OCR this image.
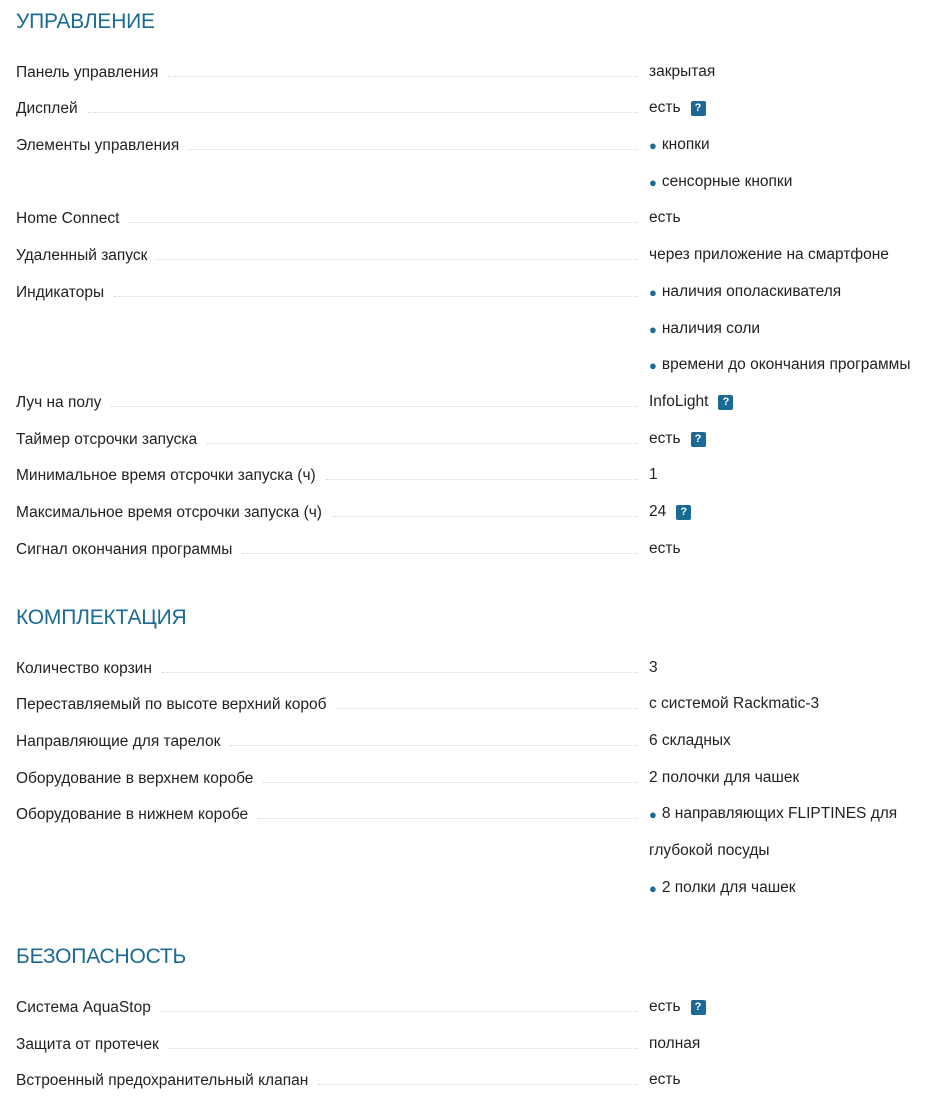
УПРАВЛЕНИЕ
Панель управления	закрытая
Дисплей	есть	?
Элементы управления	● кнопки
● сенсорные кнопки
Home Connect	есть
Удаленный запуск	через приложение на смартфоне
Индикаторы	● наличия ополаскивателя
● наличия соли
● времени до окончания программы
Луч на полу	InfoLight	?
Таймер отсрочки запуска	есть	?
Минимальное время отсрочки запуска (ч)	1
Максимальное время отсрочки запуска (ч)	24	?
Сигнал окончания программы	есть
КОМПЛЕКТАЦИЯ
Количество корзин	3
Переставляемый по высоте верхний короб	с системой Rackmatic-3
Направляющие для тарелок	6 складных
Оборудование в верхнем коробе	2 полочки для чашек
Оборудование в нижнем коробе	● 8 направляющих FLIPTINES для
глубокой посуды
● 2 полки для чашек
БЕЗОПАСНОСТЬ
Система AquaStop	есть	?
Защита от протечек	полная
Встроенный предохранительный клапан	есть
